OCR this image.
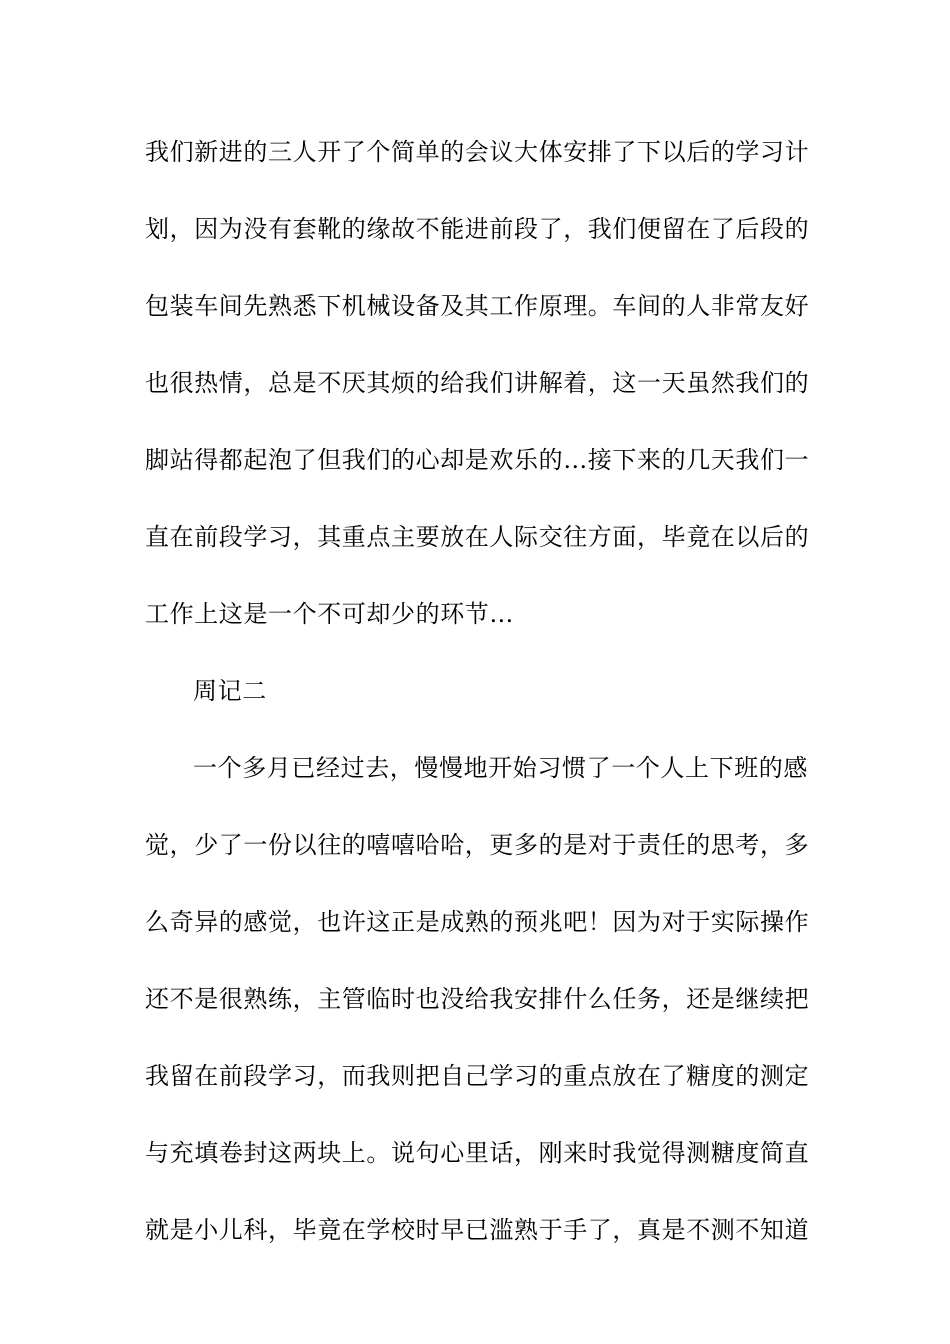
我们新进的三人开了个简单的会议大体安排了下以后的学习计
划，因为没有套靴的缘故不能进前段了，我们便留在了后段的
包装车间先熟悉下机械设备及其工作原理。车间的人非常友好
也很热情，总是不厌其烦的给我们讲解着，这一天虽然我们的
脚站得都起泡了但我们的心却是欢乐的…接下来的几天我们一
直在前段学习，其重点主要放在人际交往方面，毕竟在以后的
工作上这是一个不可却少的环节…
周记二
一个多月已经过去，慢慢地开始习惯了一个人上下班的感
觉，少了一份以往的嘻嘻哈哈，更多的是对于责任的思考，多
么奇异的感觉，也许这正是成熟的预兆吧！因为对于实际操作
还不是很熟练，主管临时也没给我安排什么任务，还是继续把
我留在前段学习，而我则把自己学习的重点放在了糖度的测定
与充填卷封这两块上。说句心里话，刚来时我觉得测糖度简直
就是小儿科，毕竟在学校时早已滥熟于手了，真是不测不知道
